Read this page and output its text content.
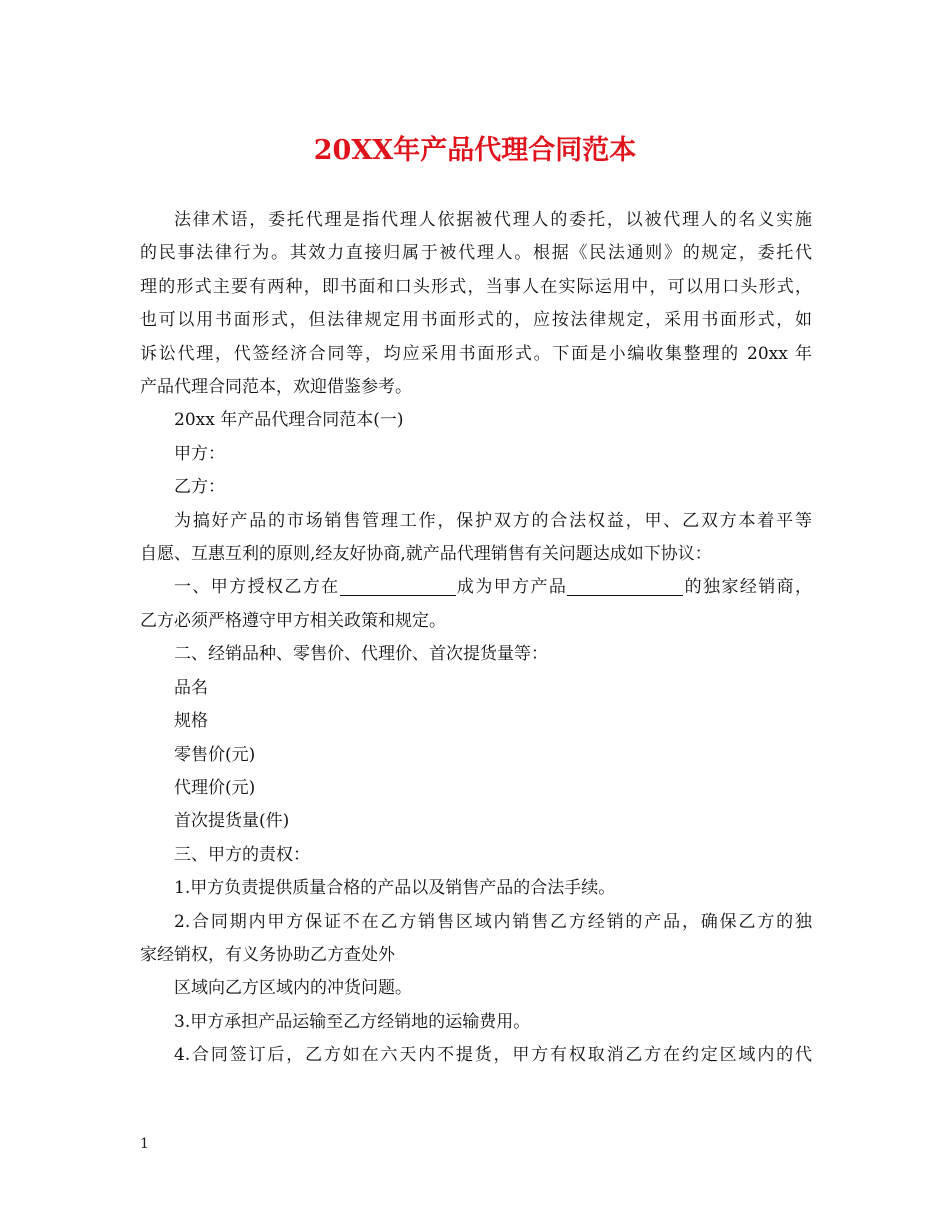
20XX年产品代理合同范本
法律术语，委托代理是指代理人依据被代理人的委托，以被代理人的名义实施
的民事法律行为。其效力直接归属于被代理人。根据《民法通则》的规定，委托代
理的形式主要有两种，即书面和口头形式，当事人在实际运用中，可以用口头形式，
也可以用书面形式，但法律规定用书面形式的，应按法律规定，采用书面形式，如
诉讼代理，代签经济合同等，均应采用书面形式。下面是小编收集整理的 20xx 年
产品代理合同范本，欢迎借鉴参考。

20xx 年产品代理合同范本(一)

甲方：

乙方：

为搞好产品的市场销售管理工作，保护双方的合法权益，甲、乙双方本着平等
自愿、互惠互利的原则,经友好协商,就产品代理销售有关问题达成如下协议：
一、甲方授权乙方在	成为甲方产品	的独家经销商，
乙方必须严格遵守甲方相关政策和规定。

二、经销品种、零售价、代理价、首次提货量等：

品名

规格

零售价(元)

代理价(元)

首次提货量(件)

三、甲方的责权：

1.甲方负责提供质量合格的产品以及销售产品的合法手续。

2.合同期内甲方保证不在乙方销售区域内销售乙方经销的产品，确保乙方的独
家经销权，有义务协助乙方查处外

区域向乙方区域内的冲货问题。

3.甲方承担产品运输至乙方经销地的运输费用。

4.合同签订后，乙方如在六天内不提货，甲方有权取消乙方在约定区域内的代
1
